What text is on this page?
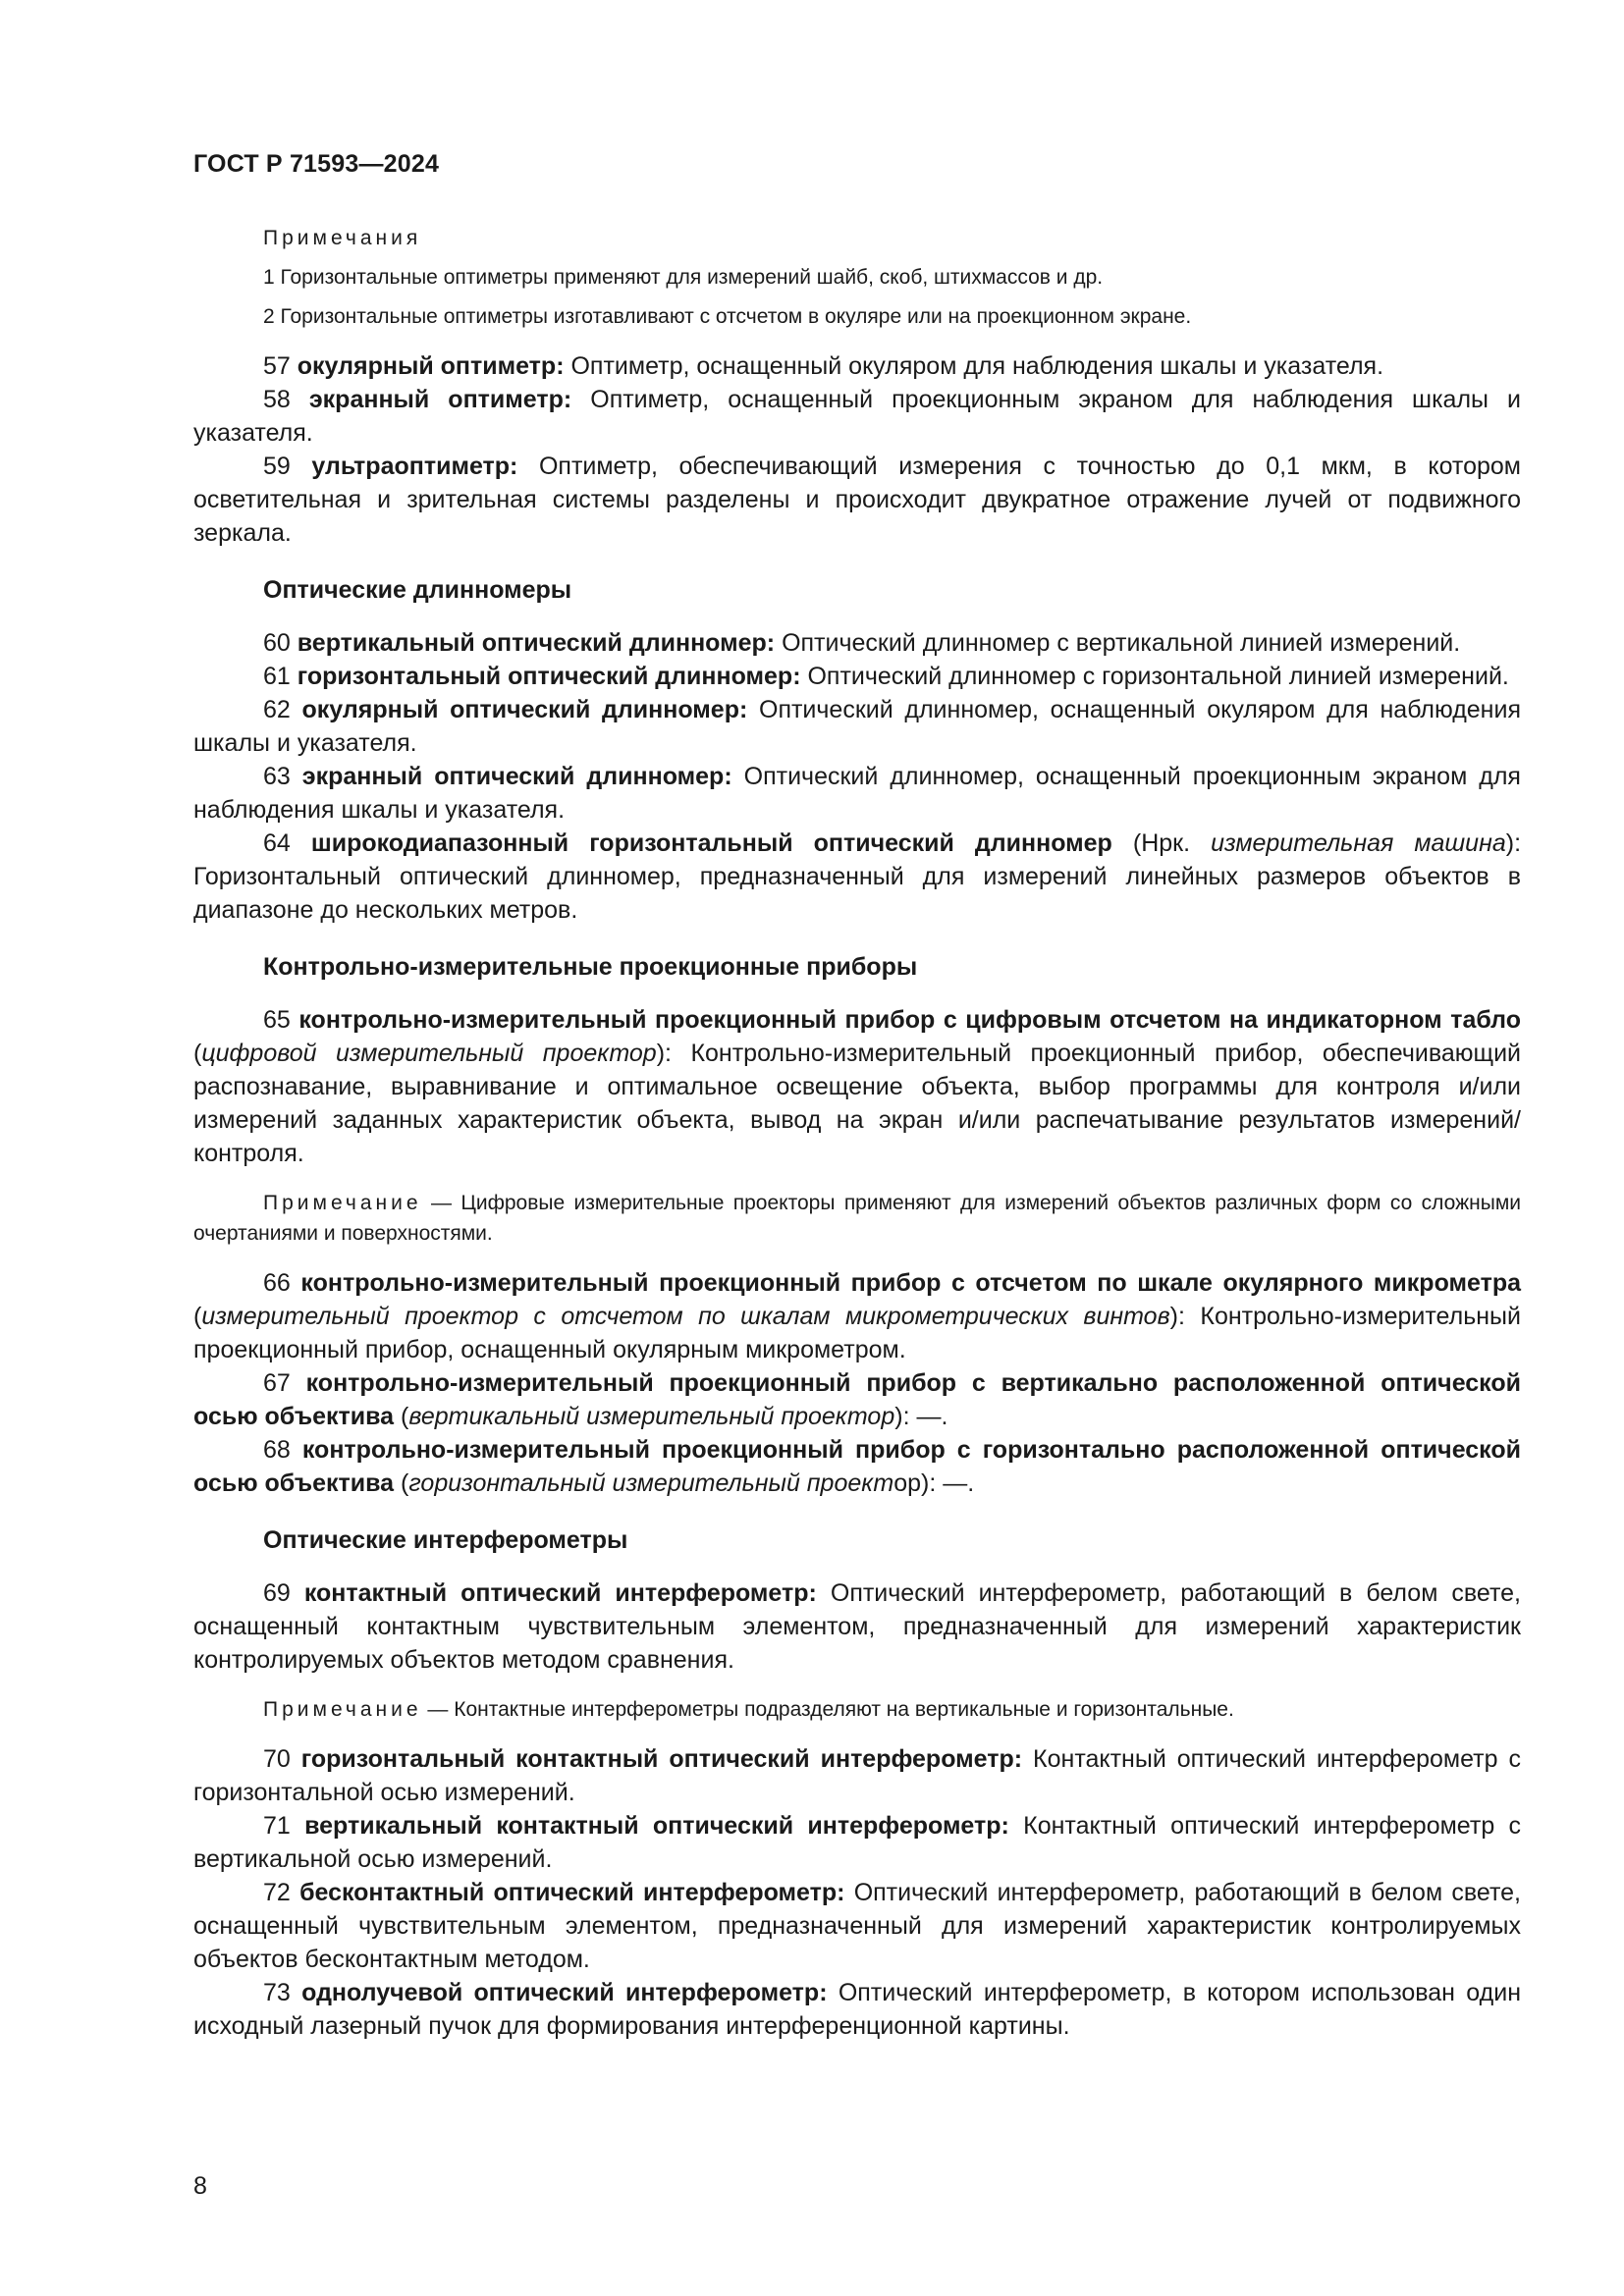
ГОСТ Р 71593—2024
Примечания
1 Горизонтальные оптиметры применяют для измерений шайб, скоб, штихмассов и др.
2 Горизонтальные оптиметры изготавливают с отсчетом в окуляре или на проекционном экране.

57 окулярный оптиметр: Оптиметр, оснащенный окуляром для наблюдения шкалы и указателя.

58 экранный оптиметр: Оптиметр, оснащенный проекционным экраном для наблюдения шкалы и указателя.

59 ультраоптиметр: Оптиметр, обеспечивающий измерения с точностью до 0,1 мкм, в котором осветительная и зрительная системы разделены и происходит двукратное отражение лучей от подвижного зеркала.

Оптические длинномеры

60 вертикальный оптический длинномер: Оптический длинномер с вертикальной линией измерений.

61 горизонтальный оптический длинномер: Оптический длинномер с горизонтальной линией измерений.

62 окулярный оптический длинномер: Оптический длинномер, оснащенный окуляром для наблюдения шкалы и указателя.

63 экранный оптический длинномер: Оптический длинномер, оснащенный проекционным экраном для наблюдения шкалы и указателя.

64 широкодиапазонный горизонтальный оптический длинномер (Нрк. измерительная машина): Горизонтальный оптический длинномер, предназначенный для измерений линейных размеров объектов в диапазоне до нескольких метров.

Контрольно-измерительные проекционные приборы

65 контрольно-измерительный проекционный прибор с цифровым отсчетом на индикаторном табло (цифровой измерительный проектор): Контрольно-измерительный проекционный прибор, обеспечивающий распознавание, выравнивание и оптимальное освещение объекта, выбор программы для контроля и/или измерений заданных характеристик объекта, вывод на экран и/или распечатывание результатов измерений/контроля.

Примечание — Цифровые измерительные проекторы применяют для измерений объектов различных форм со сложными очертаниями и поверхностями.

66 контрольно-измерительный проекционный прибор с отсчетом по шкале окулярного микрометра (измерительный проектор с отсчетом по шкалам микрометрических винтов): Контрольно-измерительный проекционный прибор, оснащенный окулярным микрометром.

67 контрольно-измерительный проекционный прибор с вертикально расположенной оптической осью объектива (вертикальный измерительный проектор): —.

68 контрольно-измерительный проекционный прибор с горизонтально расположенной оптической осью объектива (горизонтальный измерительный проектор): —.

Оптические интерферометры

69 контактный оптический интерферометр: Оптический интерферометр, работающий в белом свете, оснащенный контактным чувствительным элементом, предназначенный для измерений характеристик контролируемых объектов методом сравнения.

Примечание — Контактные интерферометры подразделяют на вертикальные и горизонтальные.

70 горизонтальный контактный оптический интерферометр: Контактный оптический интерферометр с горизонтальной осью измерений.

71 вертикальный контактный оптический интерферометр: Контактный оптический интерферометр с вертикальной осью измерений.

72 бесконтактный оптический интерферометр: Оптический интерферометр, работающий в белом свете, оснащенный чувствительным элементом, предназначенный для измерений характеристик контролируемых объектов бесконтактным методом.

73 однолучевой оптический интерферометр: Оптический интерферометр, в котором использован один исходный лазерный пучок для формирования интерференционной картины.

8
